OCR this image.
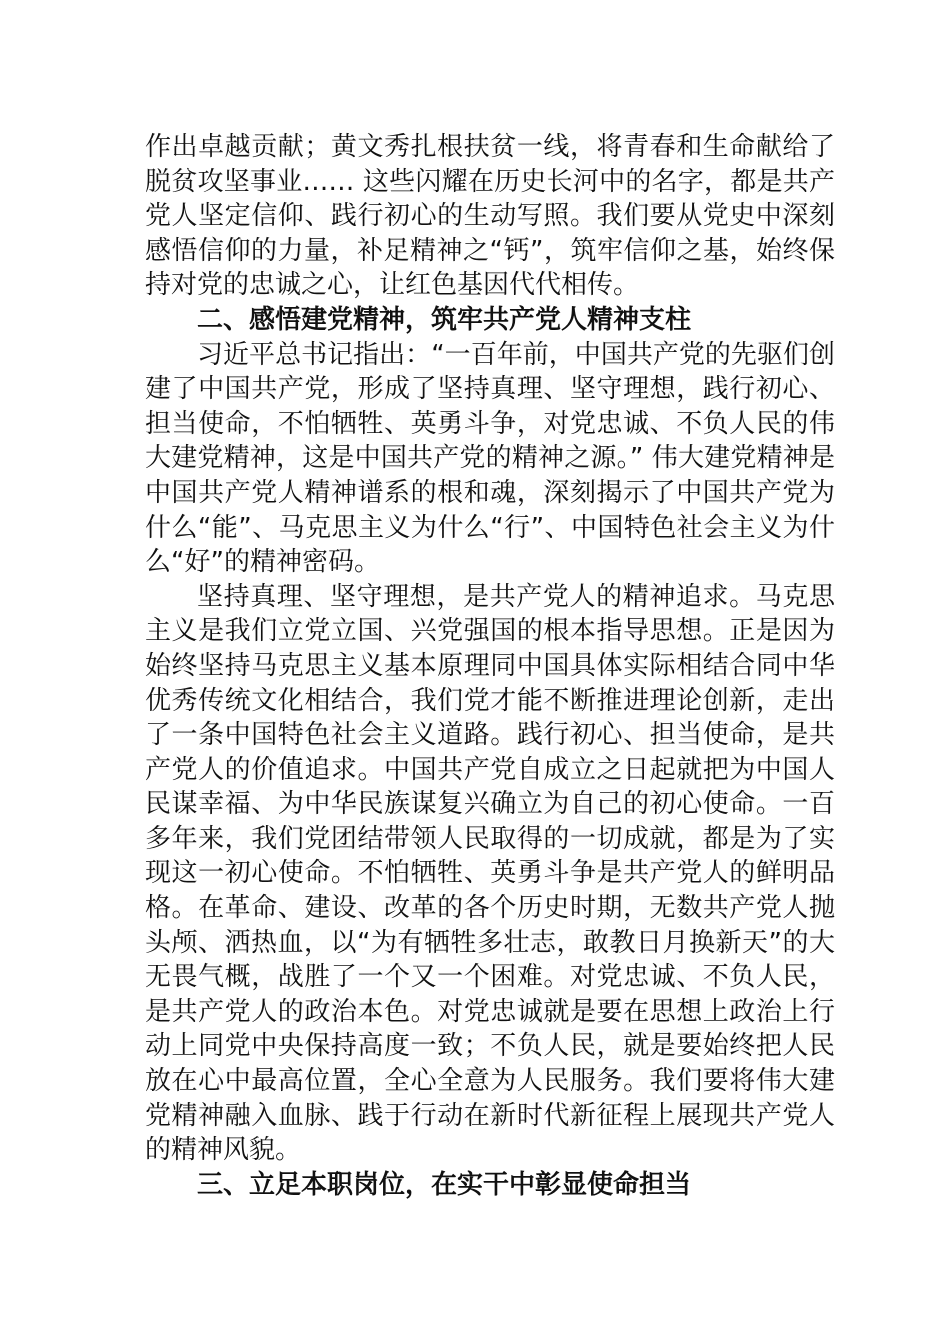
作出卓越贡献；黄文秀扎根扶贫一线，将青春和生命献给了脱贫攻坚事业…… 这些闪耀在历史长河中的名字，都是共产党人坚定信仰、践行初心的生动写照。我们要从党史中深刻感悟信仰的力量，补足精神之“钙”，筑牢信仰之基，始终保持对党的忠诚之心，让红色基因代代相传。

二、感悟建党精神，筑牢共产党人精神支柱

习近平总书记指出：“一百年前，中国共产党的先驱们创建了中国共产党，形成了坚持真理、坚守理想，践行初心、担当使命，不怕牺牲、英勇斗争，对党忠诚、不负人民的伟大建党精神，这是中国共产党的精神之源。” 伟大建党精神是中国共产党人精神谱系的根和魂，深刻揭示了中国共产党为什么“能”、马克思主义为什么“行”、中国特色社会主义为什么“好”的精神密码。

坚持真理、坚守理想，是共产党人的精神追求。马克思主义是我们立党立国、兴党强国的根本指导思想。正是因为始终坚持马克思主义基本原理同中国具体实际相结合同中华优秀传统文化相结合，我们党才能不断推进理论创新，走出了一条中国特色社会主义道路。践行初心、担当使命，是共产党人的价值追求。中国共产党自成立之日起就把为中国人民谋幸福、为中华民族谋复兴确立为自己的初心使命。一百多年来，我们党团结带领人民取得的一切成就，都是为了实现这一初心使命。不怕牺牲、英勇斗争是共产党人的鲜明品格。在革命、建设、改革的各个历史时期，无数共产党人抛头颅、洒热血，以“为有牺牲多壮志，敢教日月换新天”的大无畏气概，战胜了一个又一个困难。对党忠诚、不负人民，是共产党人的政治本色。对党忠诚就是要在思想上政治上行动上同党中央保持高度一致；不负人民，就是要始终把人民放在心中最高位置，全心全意为人民服务。我们要将伟大建党精神融入血脉、践于行动在新时代新征程上展现共产党人的精神风貌。

三、立足本职岗位，在实干中彰显使命担当
